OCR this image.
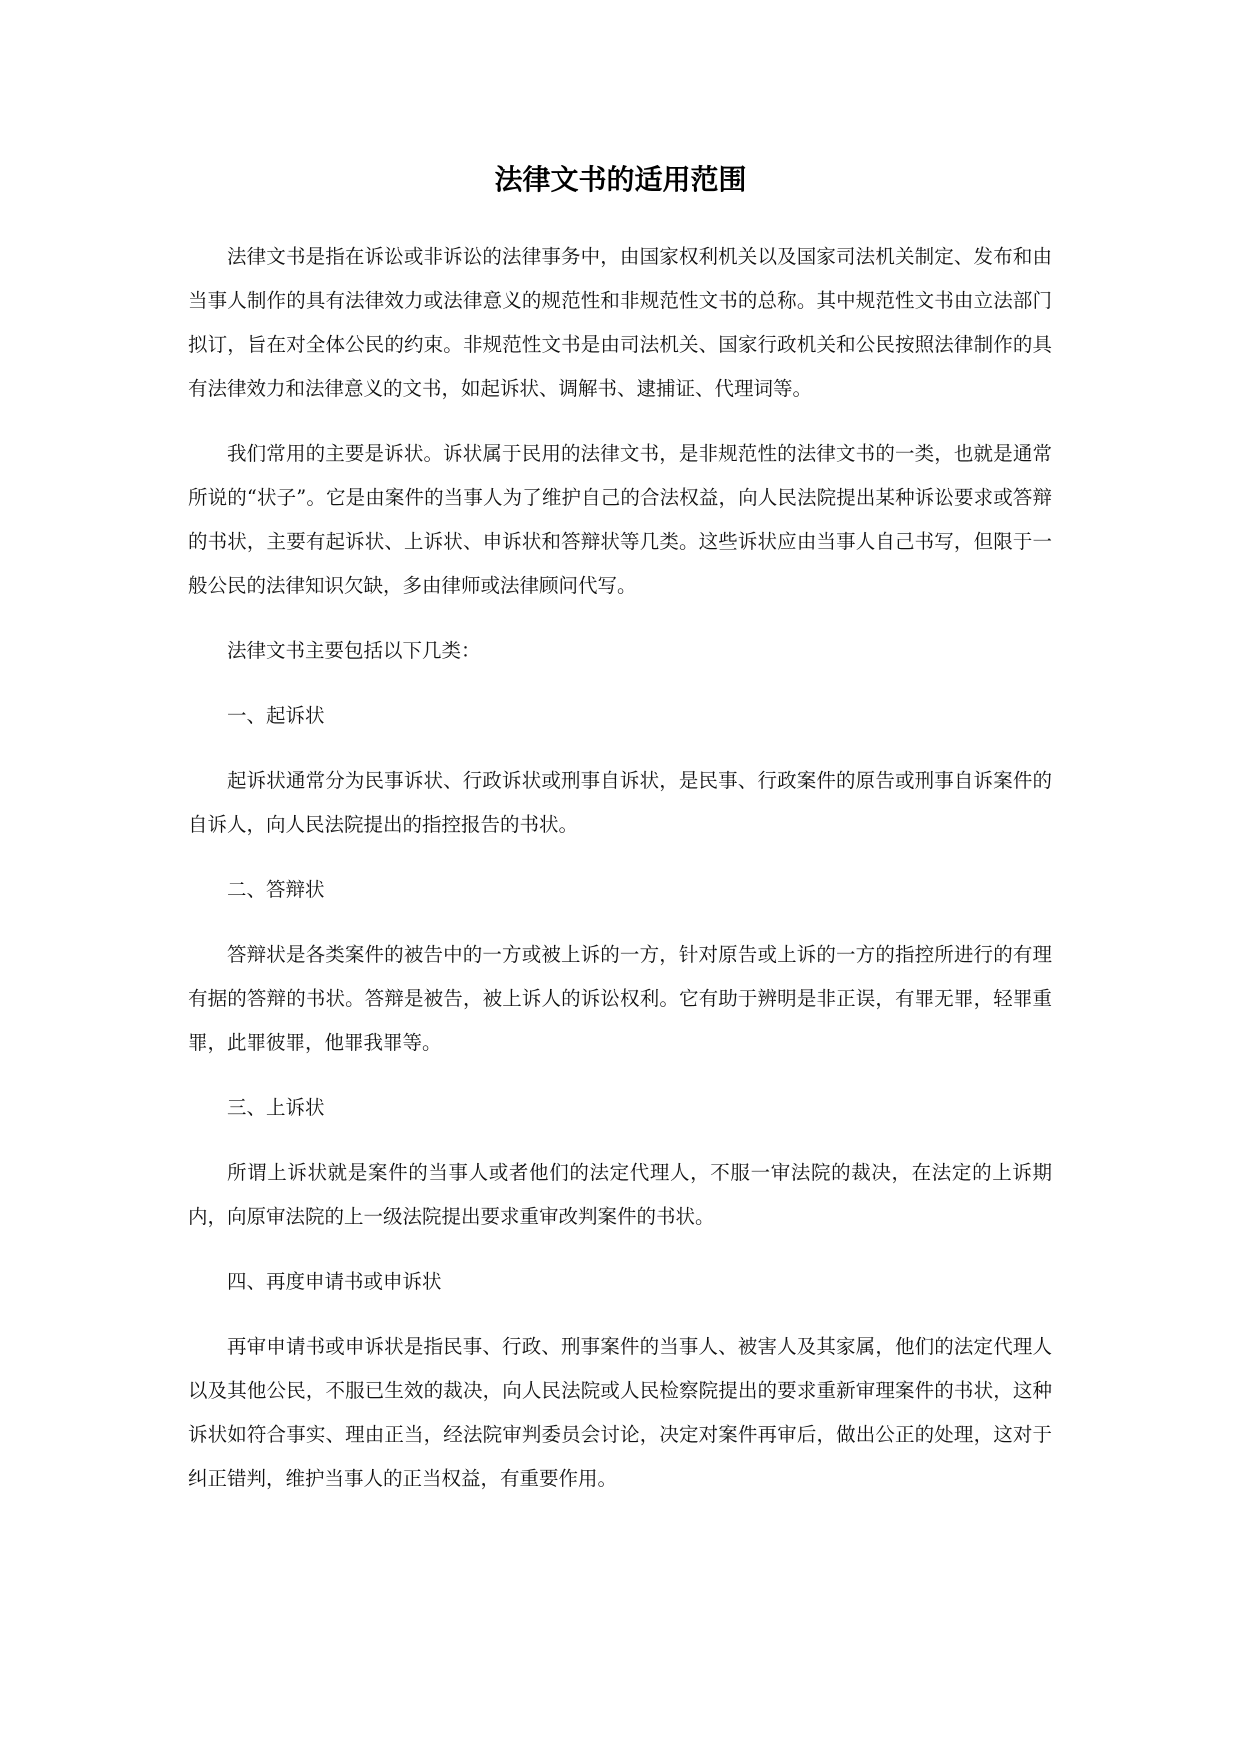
法律文书的适用范围

法律文书是指在诉讼或非诉讼的法律事务中，由国家权利机关以及国家司法机关制定、发布和由当事人制作的具有法律效力或法律意义的规范性和非规范性文书的总称。其中规范性文书由立法部门拟订，旨在对全体公民的约束。非规范性文书是由司法机关、国家行政机关和公民按照法律制作的具有法律效力和法律意义的文书，如起诉状、调解书、逮捕证、代理词等。

我们常用的主要是诉状。诉状属于民用的法律文书，是非规范性的法律文书的一类，也就是通常所说的“状子”。它是由案件的当事人为了维护自己的合法权益，向人民法院提出某种诉讼要求或答辩的书状，主要有起诉状、上诉状、申诉状和答辩状等几类。这些诉状应由当事人自己书写，但限于一般公民的法律知识欠缺，多由律师或法律顾问代写。

法律文书主要包括以下几类：

一、起诉状

起诉状通常分为民事诉状、行政诉状或刑事自诉状，是民事、行政案件的原告或刑事自诉案件的自诉人，向人民法院提出的指控报告的书状。

二、答辩状

答辩状是各类案件的被告中的一方或被上诉的一方，针对原告或上诉的一方的指控所进行的有理有据的答辩的书状。答辩是被告，被上诉人的诉讼权利。它有助于辨明是非正误，有罪无罪，轻罪重罪，此罪彼罪，他罪我罪等。

三、上诉状

所谓上诉状就是案件的当事人或者他们的法定代理人，不服一审法院的裁决，在法定的上诉期内，向原审法院的上一级法院提出要求重审改判案件的书状。

四、再度申请书或申诉状

再审申请书或申诉状是指民事、行政、刑事案件的当事人、被害人及其家属，他们的法定代理人以及其他公民，不服已生效的裁决，向人民法院或人民检察院提出的要求重新审理案件的书状，这种诉状如符合事实、理由正当，经法院审判委员会讨论，决定对案件再审后，做出公正的处理，这对于纠正错判，维护当事人的正当权益，有重要作用。
